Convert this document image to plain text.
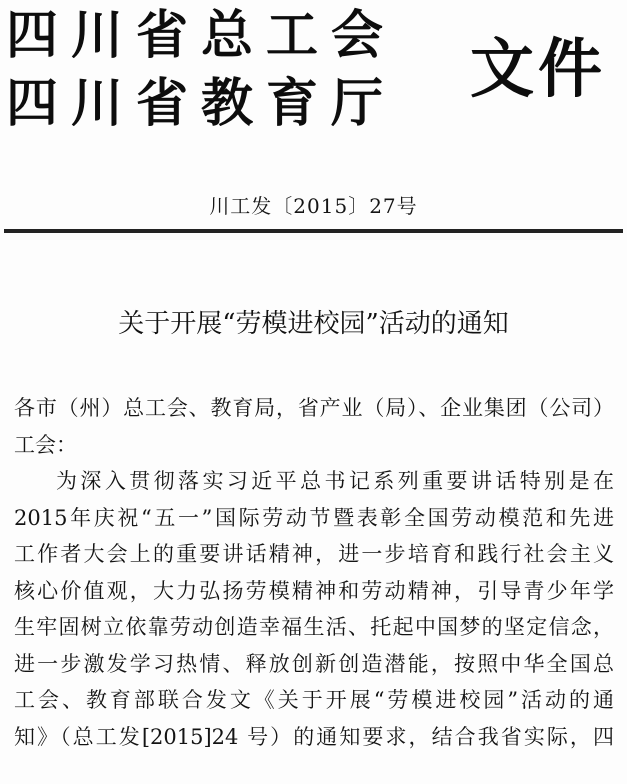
四川省总工会
四川省教育厅	文件
川工发〔2015〕27号
关于开展“劳模进校园”活动的通知
各市（州）总工会、教育局，省产业（局）、企业集团（公司）
工会：
为深入贯彻落实习近平总书记系列重要讲话特别是在
2015年庆祝“五一”国际劳动节暨表彰全国劳动模范和先进
工作者大会上的重要讲话精神，进一步培育和践行社会主义
核心价值观，大力弘扬劳模精神和劳动精神，引导青少年学
生牢固树立依靠劳动创造幸福生活、托起中国梦的坚定信念，
进一步激发学习热情、释放创新创造潜能，按照中华全国总
工会、教育部联合发文《关于开展“劳模进校园”活动的通
知》（总工发[2015]24 号）的通知要求，结合我省实际，四
